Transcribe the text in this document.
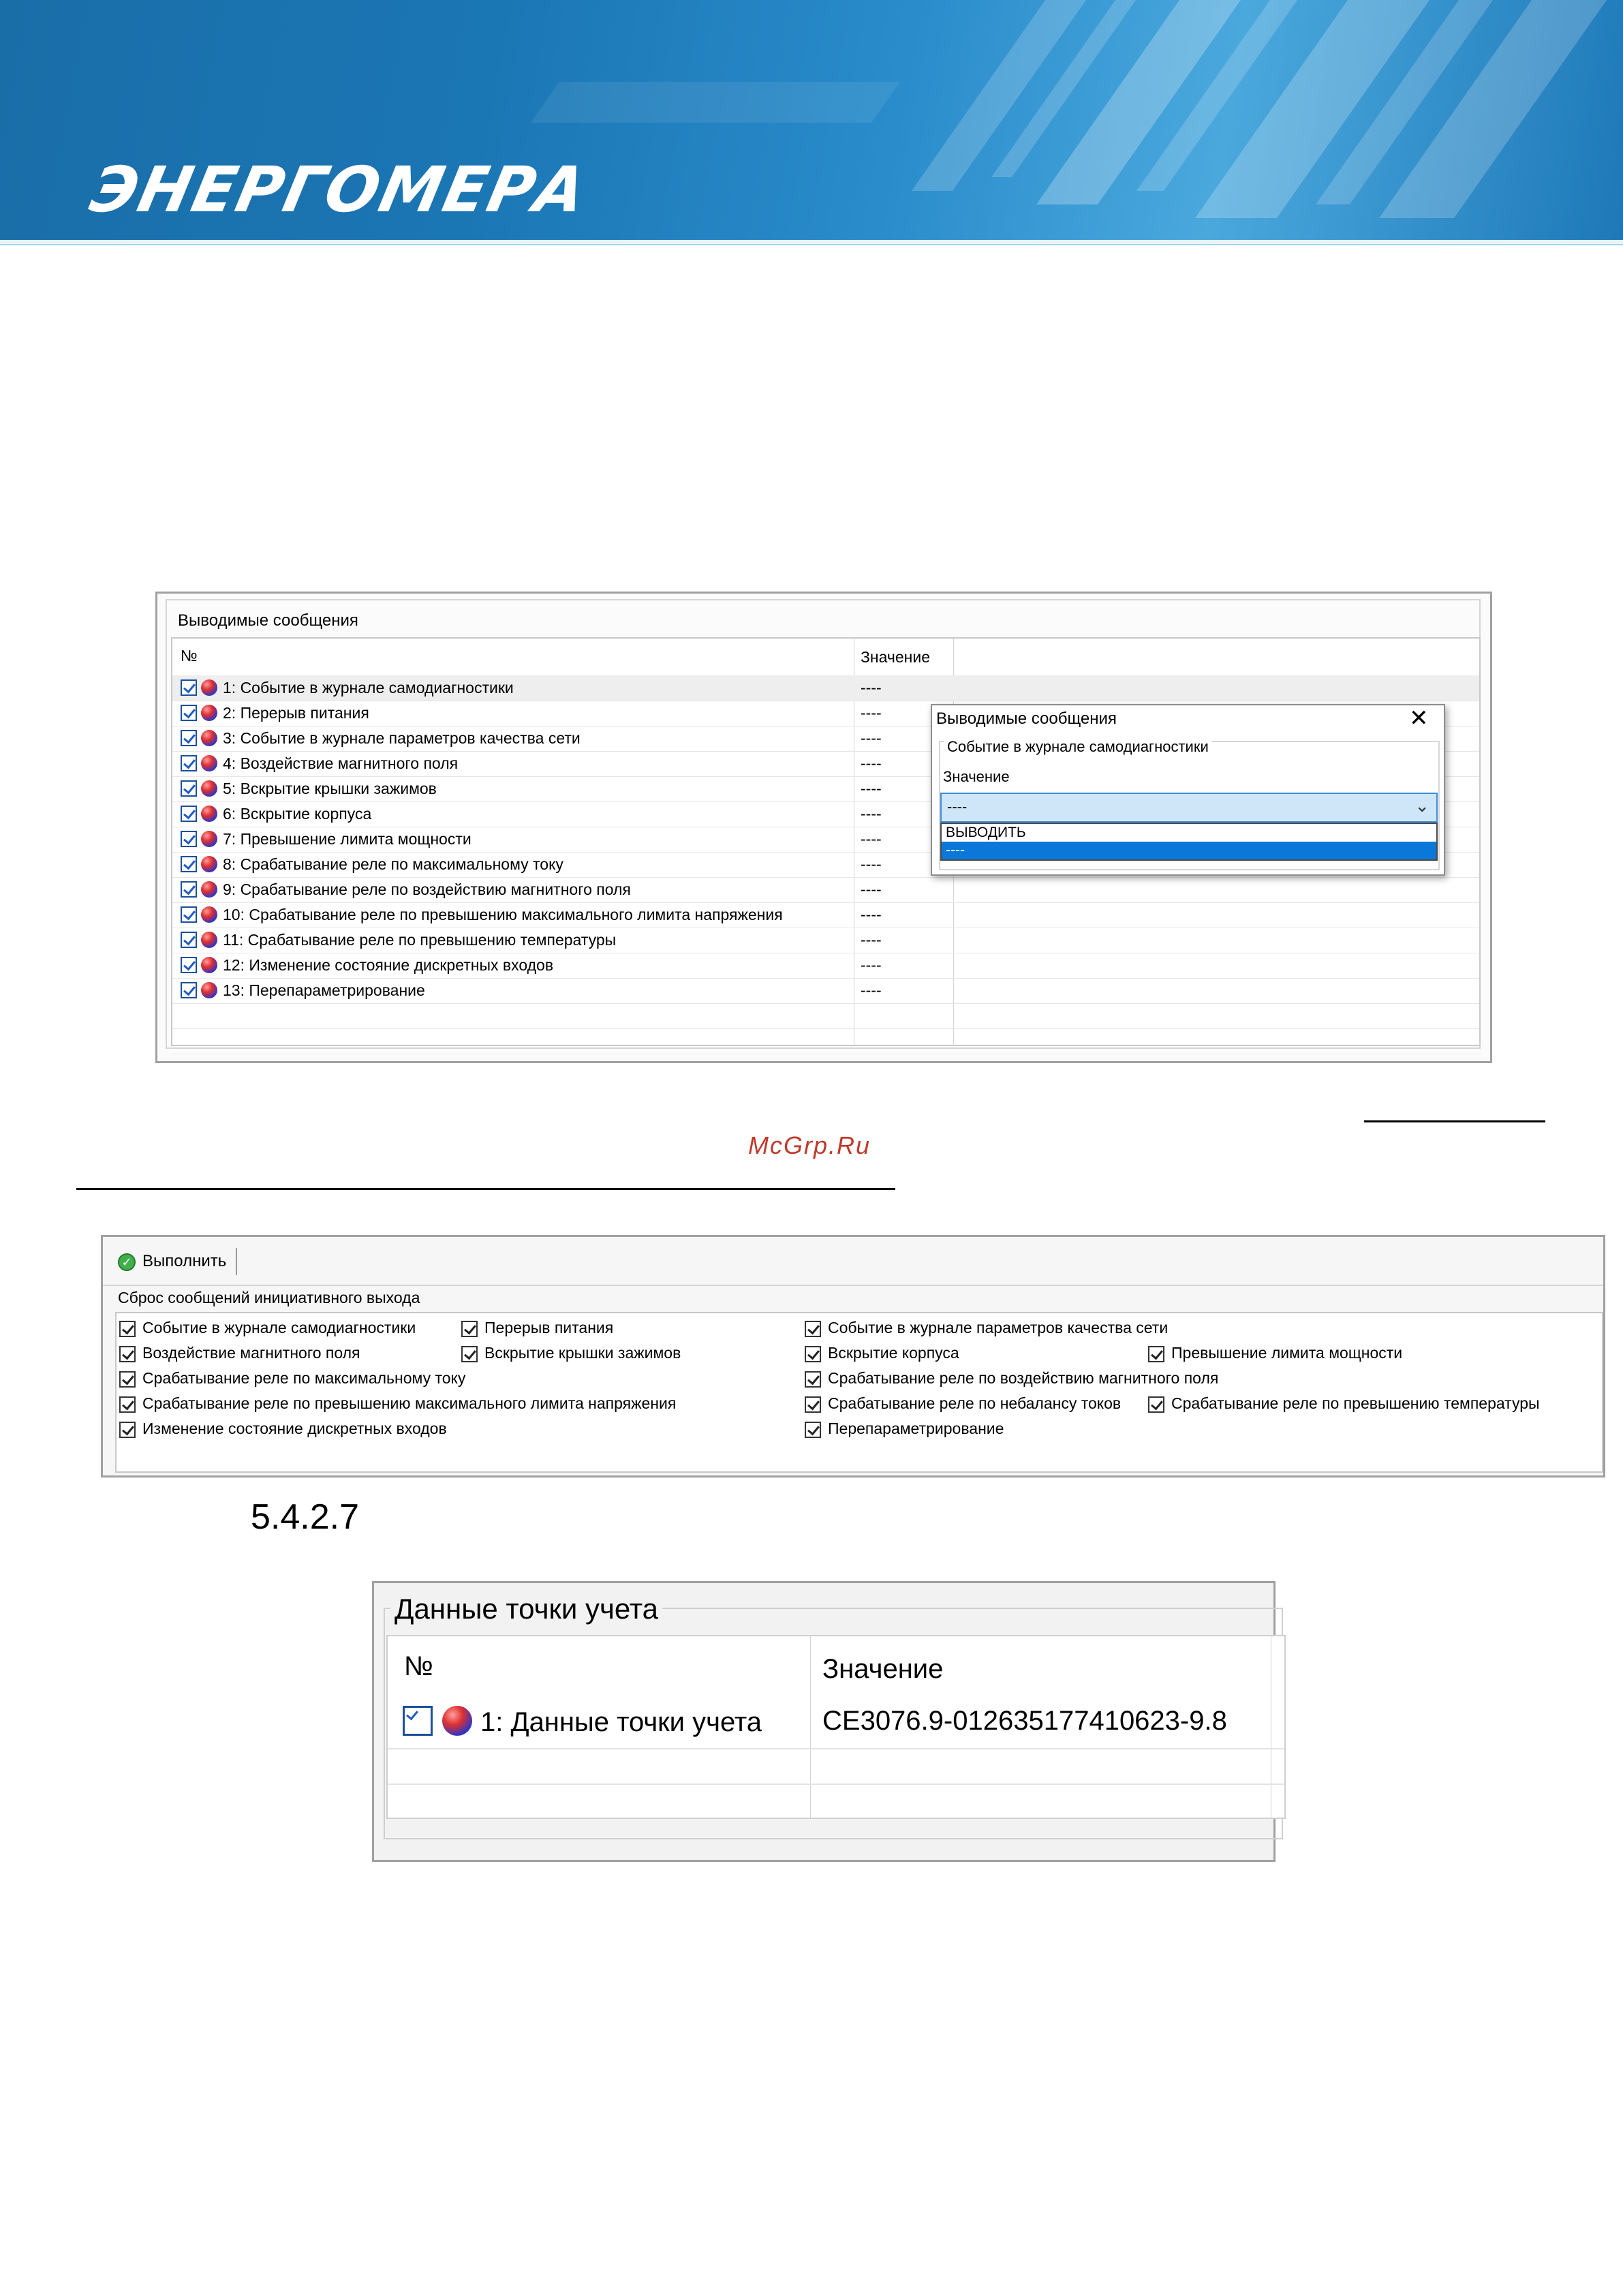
ЭНЕРГОМЕРА
Выводимые сообщения
№	Значение
1: Событие в журнале самодиагностики	----
2: Перерыв питания	----
3: Событие в журнале параметров качества сети	----
4: Воздействие магнитного поля	----
5: Вскрытие крышки зажимов	----
6: Вскрытие корпуса	----
7: Превышение лимита мощности	----
8: Срабатывание реле по максимальному току	----
9: Срабатывание реле по воздействию магнитного поля	----
10: Срабатывание реле по превышению максимального лимита напряжения	----
11: Срабатывание реле по превышению температуры	----
12: Изменение состояние дискретных входов	----
13: Перепараметрирование	----
Выводимые сообщения	✕
Событие в журнале самодиагностики
Значение
----	⌄
ВЫВОДИТЬ
----
McGrp.Ru
✓ Выполнить
Сброс сообщений инициативного выхода
Событие в журнале самодиагностики	Перерыв питания	Событие в журнале параметров качества сети
Воздействие магнитного поля	Вскрытие крышки зажимов	Вскрытие корпуса	Превышение лимита мощности
Срабатывание реле по максимальному току	Срабатывание реле по воздействию магнитного поля
Срабатывание реле по превышению максимального лимита напряжения	Срабатывание реле по небалансу токов	Срабатывание реле по превышению температуры
Изменение состояние дискретных входов	Перепараметрирование
5.4.2.7
Данные точки учета
№	Значение
1: Данные точки учета CE3076.9-012635177410623-9.8
